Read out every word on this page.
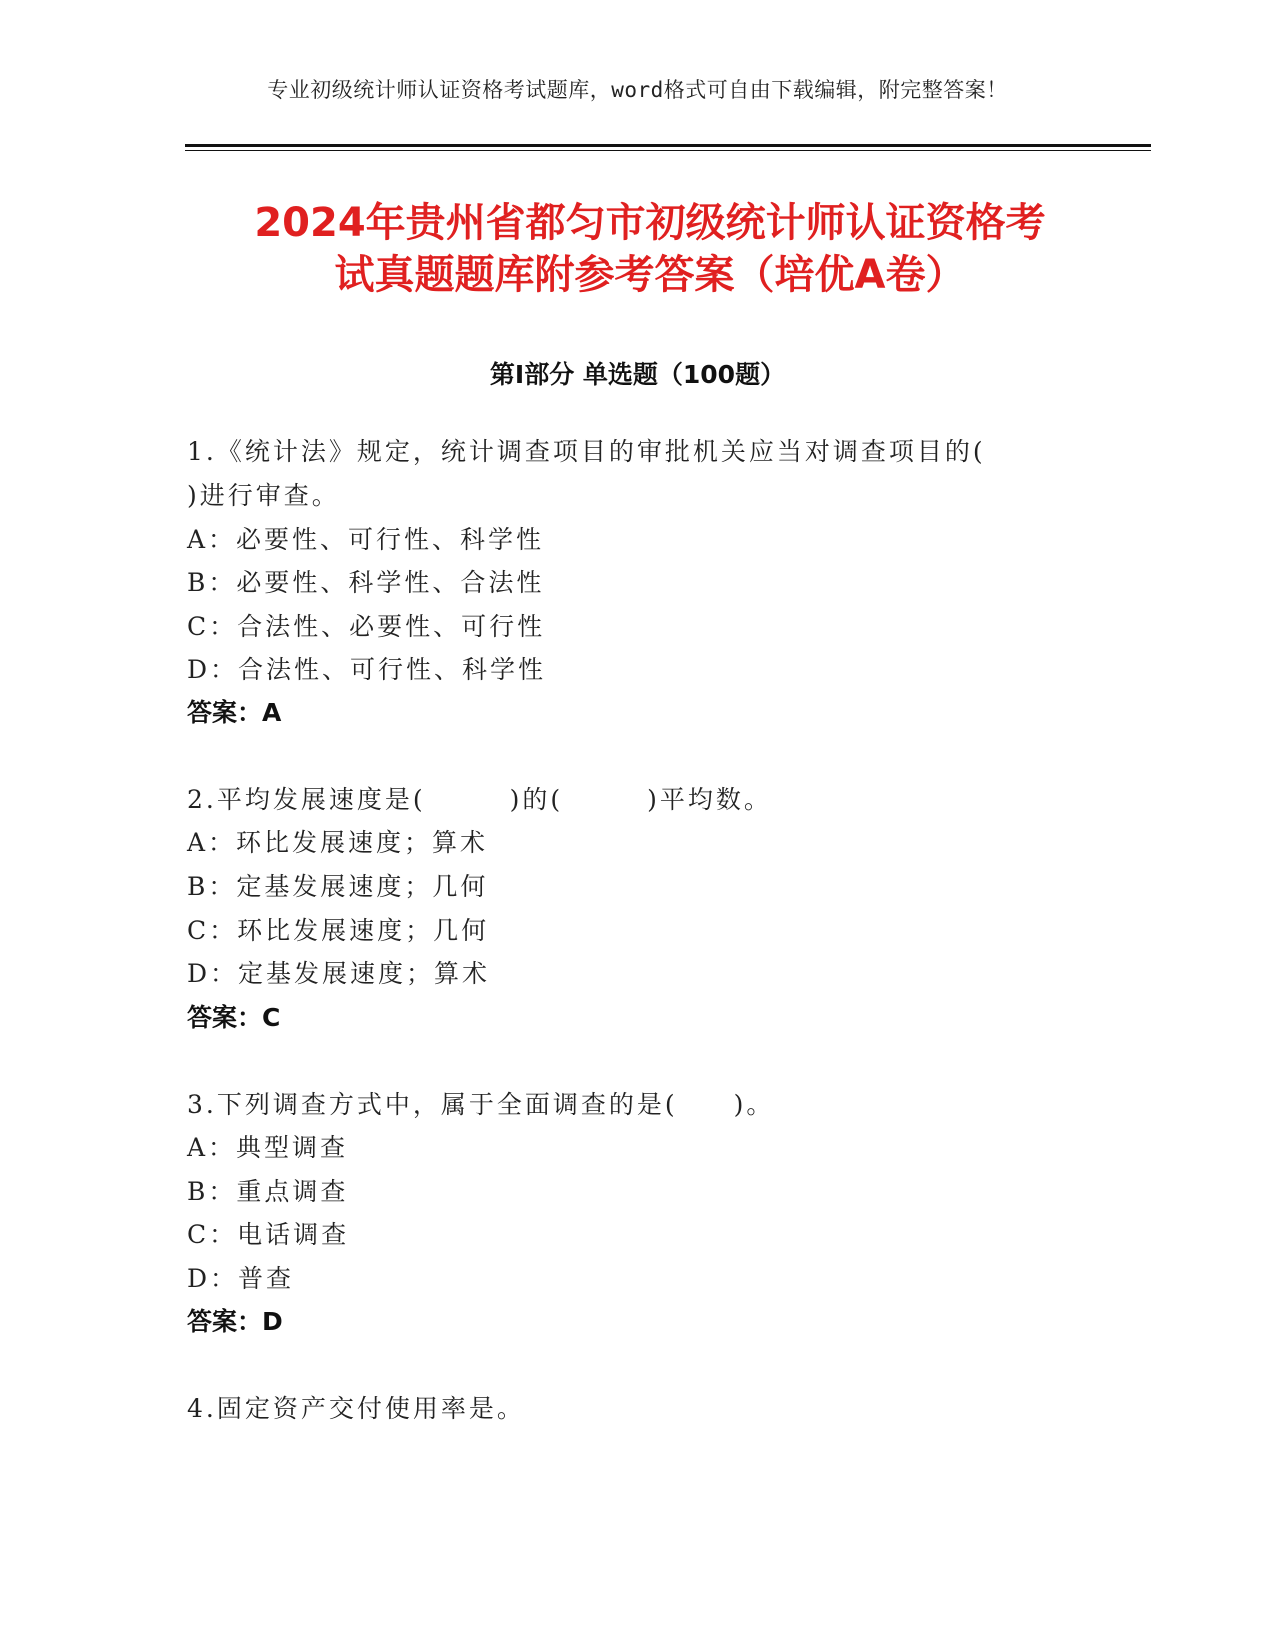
专业初级统计师认证资格考试题库，word格式可自由下载编辑，附完整答案！
2024年贵州省都匀市初级统计师认证资格考
试真题题库附参考答案（培优A卷）
第Ⅰ部分 单选题（100题）
1.《统计法》规定，统计调查项目的审批机关应当对调查项目的(
)进行审查。
A：必要性、可行性、科学性
B：必要性、科学性、合法性
C：合法性、必要性、可行性
D：合法性、可行性、科学性
答案：A
2.平均发展速度是(　　　)的(　　　)平均数。
A：环比发展速度；算术
B：定基发展速度；几何
C：环比发展速度；几何
D：定基发展速度；算术
答案：C
3.下列调查方式中，属于全面调查的是(　　)。
A：典型调查
B：重点调查
C：电话调查
D：普查
答案：D
4.固定资产交付使用率是。
